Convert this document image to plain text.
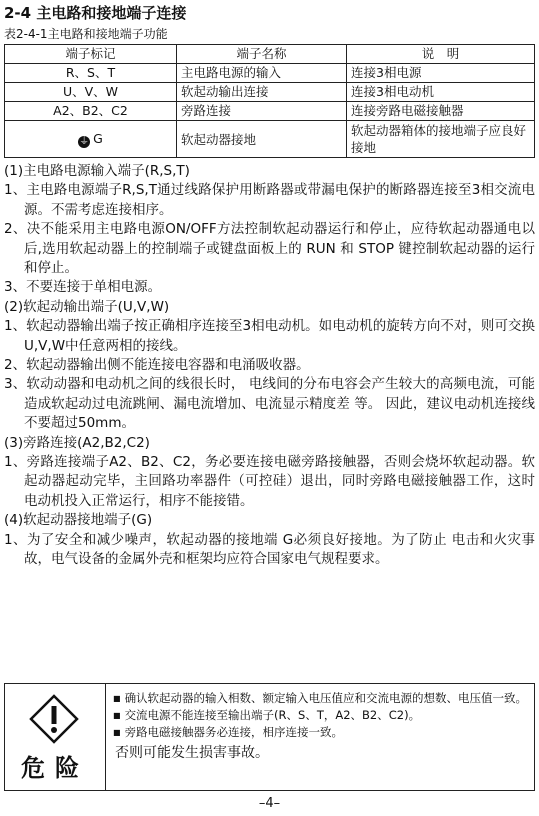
2-4 主电路和接地端子连接
表2-4-1主电路和接地端子功能
端子标记	端子名称	说　明
R、S、T	主电路电源的输入	连接3相电源
U、V、W	软起动输出连接	连接3相电动机
A2、B2、C2	旁路连接	连接旁路电磁接触器
⏚ G	软起动器接地	软起动器箱体的接地端子应良好接地
(1)主电路电源输入端子(R,S,T)
1、主电路电源端子R,S,T通过线路保护用断路器或带漏电保护的断路器连接至3相交流电源。不需考虑连接相序。
2、决不能采用主电路电源ON/OFF方法控制软起动器运行和停止，应待软起动器通电以后,选用软起动器上的控制端子或键盘面板上的 RUN 和 STOP 键控制软起动器的运行和停止。
3、不要连接于单相电源。
(2)软起动输出端子(U,V,W)
1、软起动器输出端子按正确相序连接至3相电动机。如电动机的旋转方向不对，则可交换U,V,W中任意两相的接线。
2、软起动器输出侧不能连接电容器和电涌吸收器。
3、软动动器和电动机之间的线很长时， 电线间的分布电容会产生较大的高频电流，可能造成软起动过电流跳闸、漏电流增加、电流显示精度差 等。 因此，建议电动机连接线不要超过50mm。
(3)旁路连接(A2,B2,C2)
1、旁路连接端子A2、B2、C2，务必要连接电磁旁路接触器，否则会烧坏软起动器。软起动器起动完毕，主回路功率器件（可控硅）退出，同时旁路电磁接触器工作，这时电动机投入正常运行，相序不能接错。
(4)软起动器接地端子(G)
1、为了安全和减少噪声，软起动器的接地端 G必须良好接地。为了防止 电击和火灾事故，电气设备的金属外壳和框架均应符合国家电气规程要求。
危险
■ 确认软起动器的输入相数、额定输入电压值应和交流电源的想数、电压值一致。
■ 交流电源不能连接至输出端子(R、S、T，A2、B2、C2)。
■ 旁路电磁接触器务必连接，相序连接一致。
否则可能发生损害事故。
–4–
